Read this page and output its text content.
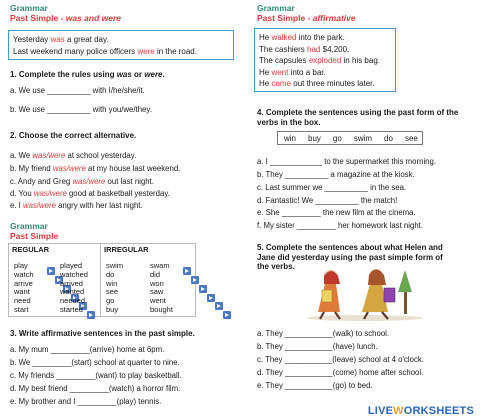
Grammar
Past Simple - was and were
Yesterday was a great day.
Last weekend many police officers were in the road.
1. Complete the rules using was or were.
a. We use __________ with I/he/she/it.
b. We use __________ with you/we/they.
2. Choose the correct alternative.
a. We was/were at school yesterday.
b. My friend was/were at my house last weekend.
c. Andy and Greg was/were out last night.
d. You was/were good at basketball yesterday.
e. I was/were angry with her last night.
Grammar
Past Simple
REGULAR	IRREGULAR
play	played
watch	watched
arrive	arrived
want	wanted
need	needed
start	started
swim	swam
do	did
win	won
see	saw
go	went
buy	bought
3. Write affirmative sentences in the past simple.
a. My mum _________(arrive) home at 6pm.
b. We _________(start) school at quarter to nine.
c. My friends _________(want) to play basketball.
d. My best friend _________(watch) a horror film.
e. My brother and I _________(play) tennis.
Grammar
Past Simple - affirmative
He walked into the park.
The cashiers had $4,200.
The capsules exploded in his bag.
He went into a bar.
He came out three minutes later.
4. Complete the sentences using the past form of the
verbs in the box.
win	buy	go	swim	do	see
a. I ____________ to the supermarket this morning.
b. They __________ a magazine at the kiosk.
c. Last summer we __________ in the sea.
d. Fantastic! We __________ the match!
e. She _________ the new film at the cinema.
f. My sister _________ her homework last night.
5. Complete the sentences about what Helen and
Jane did yesterday using the past simple form of
the verbs.
a. They ___________(walk) to school.
b. They ___________(have) lunch.
c. They ___________(leave) school at 4 o'clock.
d. They ___________(come) home after school.
e. They ___________(go) to bed.
LIVEWORKSHEETS
